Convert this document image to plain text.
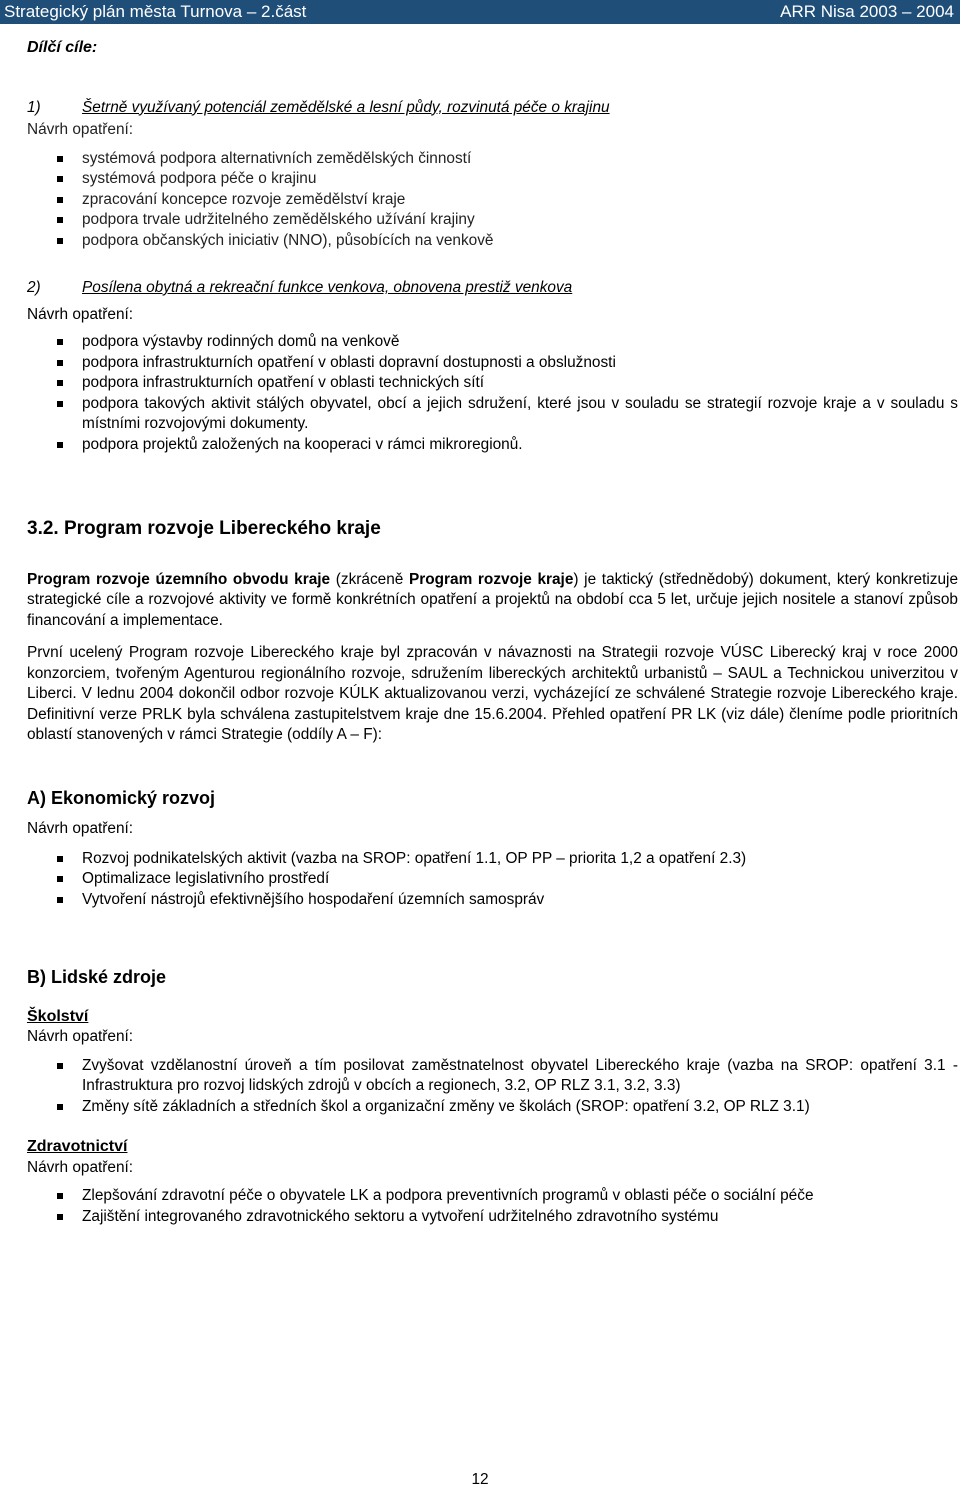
Strategický plán města Turnova – 2.část	ARR Nisa 2003 – 2004
Dílčí cíle:
1)	Šetrně využívaný potenciál zemědělské a lesní půdy, rozvinutá péče o krajinu
Návrh opatření:
systémová podpora alternativních zemědělských činností
systémová podpora péče o krajinu
zpracování koncepce rozvoje zemědělství kraje
podpora trvale udržitelného zemědělského užívání krajiny
podpora občanských iniciativ (NNO), působících na venkově
2)	Posílena obytná a rekreační funkce venkova, obnovena prestiž venkova
Návrh opatření:
podpora výstavby rodinných domů na venkově
podpora infrastrukturních opatření v oblasti dopravní dostupnosti a obslužnosti
podpora infrastrukturních opatření v oblasti technických sítí
podpora takových aktivit stálých obyvatel, obcí a jejich sdružení, které jsou v souladu se strategií rozvoje kraje a v souladu s místními rozvojovými dokumenty.
podpora projektů založených na kooperaci v rámci mikroregionů.
3.2. Program rozvoje Libereckého kraje

Program rozvoje územního obvodu kraje (zkráceně Program rozvoje kraje) je taktický (střednědobý) dokument, který konkretizuje strategické cíle a rozvojové aktivity ve formě konkrétních opatření a projektů na období cca 5 let, určuje jejich nositele a stanoví způsob financování a implementace.

První ucelený Program rozvoje Libereckého kraje byl zpracován v návaznosti na Strategii rozvoje VÚSC Liberecký kraj v roce 2000 konzorciem, tvořeným Agenturou regionálního rozvoje, sdružením libereckých architektů urbanistů – SAUL a Technickou univerzitou v Liberci. V lednu 2004 dokončil odbor rozvoje KÚLK aktualizovanou verzi, vycházející ze schválené Strategie rozvoje Libereckého kraje. Definitivní verze PRLK byla schválena zastupitelstvem kraje dne 15.6.2004. Přehled opatření PR LK (viz dále) členíme podle prioritních oblastí stanovených v rámci Strategie (oddíly A – F):

A) Ekonomický rozvoj
Návrh opatření:
Rozvoj podnikatelských aktivit (vazba na SROP: opatření 1.1, OP PP – priorita 1,2 a opatření 2.3)
Optimalizace legislativního prostředí
Vytvoření nástrojů efektivnějšího hospodaření územních samospráv
B) Lidské zdroje
Školství
Návrh opatření:
Zvyšovat vzdělanostní úroveň a tím posilovat zaměstnatelnost obyvatel Libereckého kraje (vazba na SROP: opatření 3.1 - Infrastruktura pro rozvoj lidských zdrojů v obcích a regionech, 3.2, OP RLZ 3.1, 3.2, 3.3)
Změny sítě základních a středních škol a organizační změny ve školách (SROP: opatření 3.2, OP RLZ 3.1)
Zdravotnictví
Návrh opatření:
Zlepšování zdravotní péče o obyvatele LK a podpora preventivních programů v oblasti péče o sociální péče
Zajištění integrovaného zdravotnického sektoru a vytvoření udržitelného zdravotního systému
12
